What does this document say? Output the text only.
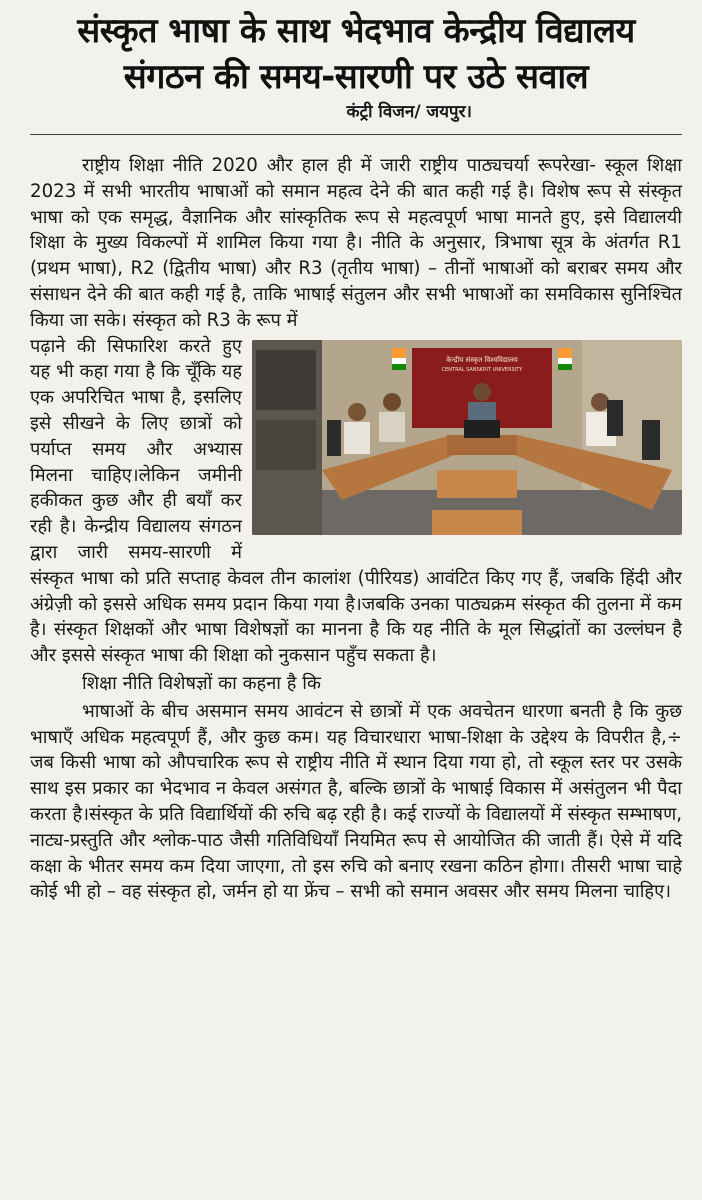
संस्कृत भाषा के साथ भेदभाव केन्द्रीय विद्यालय
संगठन की समय-सारणी पर उठे सवाल

कंट्री विजन/ जयपुर।

राष्ट्रीय शिक्षा नीति 2020 और हाल ही में जारी राष्ट्रीय पाठ्यचर्या रूपरेखा- स्कूल शिक्षा 2023 में सभी भारतीय भाषाओं को समान महत्व देने की बात कही गई है। विशेष रूप से संस्कृत भाषा को एक समृद्ध, वैज्ञानिक और सांस्कृतिक रूप से महत्वपूर्ण भाषा मानते हुए, इसे विद्यालयी शिक्षा के मुख्य विकल्पों में शामिल किया गया है। नीति के अनुसार, त्रिभाषा सूत्र के अंतर्गत R1 (प्रथम भाषा), R2 (द्वितीय भाषा) और R3 (तृतीय भाषा) – तीनों भाषाओं को बराबर समय और संसाधन देने की बात कही गई है, ताकि भाषाई संतुलन और सभी भाषाओं का समविकास सुनिश्चित किया जा सके। संस्कृत को R3 के रूप में

केन्द्रीय संस्कृत विश्वविद्यालय
CENTRAL SANSKRIT UNIVERSITY

पढ़ाने की सिफारिश करते हुए यह भी कहा गया है कि चूँकि यह एक अपरिचित भाषा है, इसलिए इसे सीखने के लिए छात्रों को पर्याप्त समय और अभ्यास मिलना चाहिए।लेकिन जमीनी हकीकत कुछ और ही बयाँ कर रही है। केन्द्रीय विद्यालय संगठन द्वारा जारी समय-सारणी में संस्कृत भाषा को प्रति सप्ताह केवल तीन कालांश (पीरियड) आवंटित किए गए हैं, जबकि हिंदी और अंग्रेज़ी को इससे अधिक समय प्रदान किया गया है।जबकि उनका पाठ्यक्रम संस्कृत की तुलना में कम है। संस्कृत शिक्षकों और भाषा विशेषज्ञों का मानना है कि यह नीति के मूल सिद्धांतों का उल्लंघन है और इससे संस्कृत भाषा की शिक्षा को नुकसान पहुँच सकता है।

शिक्षा नीति विशेषज्ञों का कहना है कि

भाषाओं के बीच असमान समय आवंटन से छात्रों में एक अवचेतन धारणा बनती है कि कुछ भाषाएँ अधिक महत्वपूर्ण हैं, और कुछ कम। यह विचारधारा भाषा-शिक्षा के उद्देश्य के विपरीत है,÷ जब किसी भाषा को औपचारिक रूप से राष्ट्रीय नीति में स्थान दिया गया हो, तो स्कूल स्तर पर उसके साथ इस प्रकार का भेदभाव न केवल असंगत है, बल्कि छात्रों के भाषाई विकास में असंतुलन भी पैदा करता है।संस्कृत के प्रति विद्यार्थियों की रुचि बढ़ रही है। कई राज्यों के विद्यालयों में संस्कृत सम्भाषण, नाट्य-प्रस्तुति और श्लोक-पाठ जैसी गतिविधियाँ नियमित रूप से आयोजित की जाती हैं। ऐसे में यदि कक्षा के भीतर समय कम दिया जाएगा, तो इस रुचि को बनाए रखना कठिन होगा। तीसरी भाषा चाहे कोई भी हो – वह संस्कृत हो, जर्मन हो या फ्रेंच – सभी को समान अवसर और समय मिलना चाहिए।
